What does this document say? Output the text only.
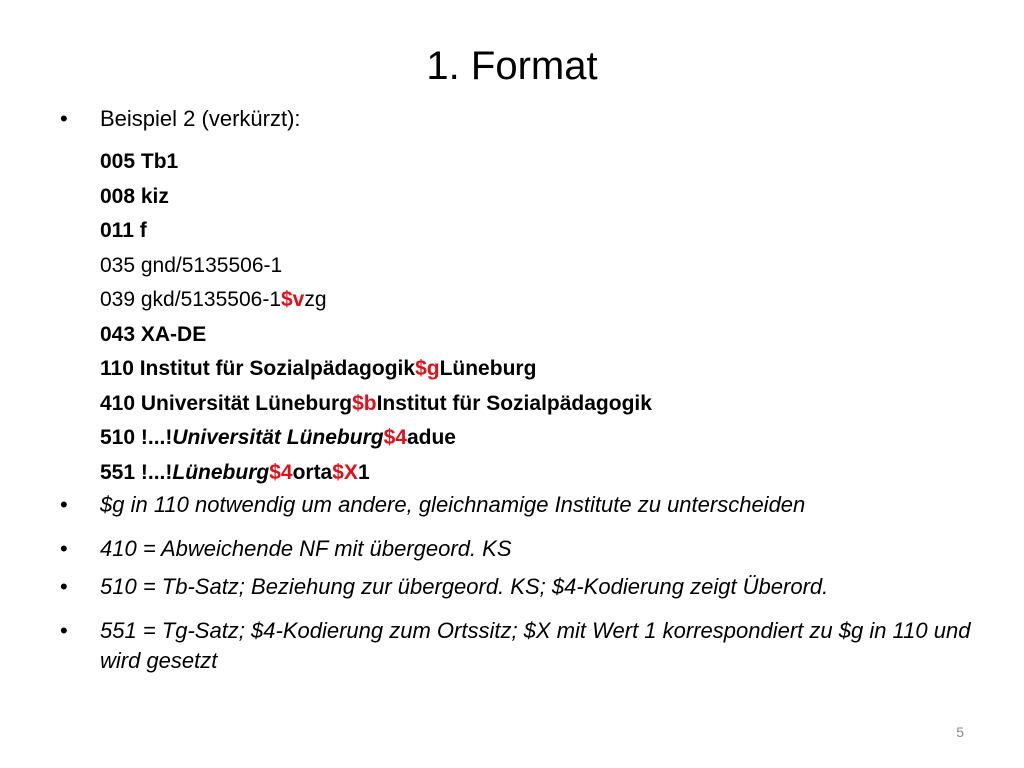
1. Format
•	Beispiel 2 (verkürzt):
005 Tb1
008 kiz
011 f
035 gnd/5135506-1
039 gkd/5135506-1$vzg
043 XA-DE
110 Institut für Sozialpädagogik$gLüneburg
410 Universität Lüneburg$bInstitut für Sozialpädagogik
510 !...!Universität Lüneburg$4adue
551 !...!Lüneburg$4orta$X1
•	$g in 110 notwendig um andere, gleichnamige Institute zu unterscheiden
•	410 = Abweichende NF mit übergeord. KS
•	510 = Tb-Satz; Beziehung zur übergeord. KS; $4-Kodierung zeigt Überord.
•	551 = Tg-Satz; $4-Kodierung zum Ortssitz; $X mit Wert 1 korrespondiert zu $g in 110 und wird gesetzt
5
